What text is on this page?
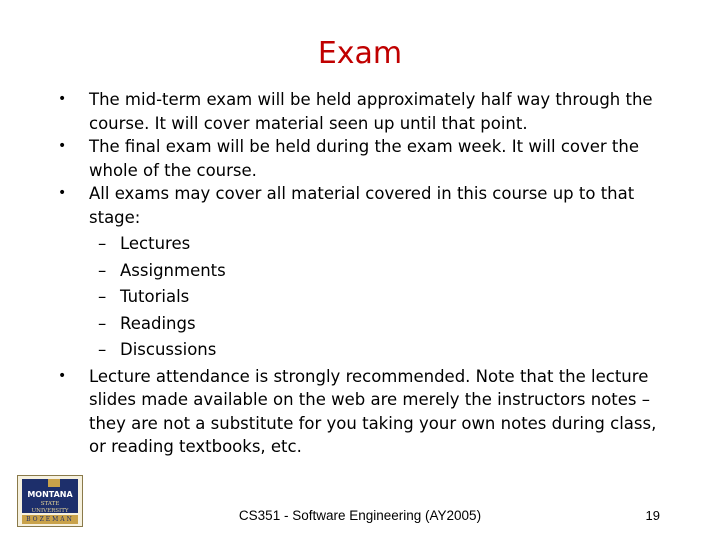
Exam
• The mid-term exam will be held approximately half way through the course. It will cover material seen up until that point.
• The final exam will be held during the exam week. It will cover the whole of the course.
• All exams may cover all material covered in this course up to that stage:
– Lectures
– Assignments
– Tutorials
– Readings
– Discussions
• Lecture attendance is strongly recommended. Note that the lecture slides made available on the web are merely the instructors notes – they are not a substitute for you taking your own notes during class, or reading textbooks, etc.
MONTANA
STATE UNIVERSITY
BOZEMAN	CS351 - Software Engineering (AY2005)	19
